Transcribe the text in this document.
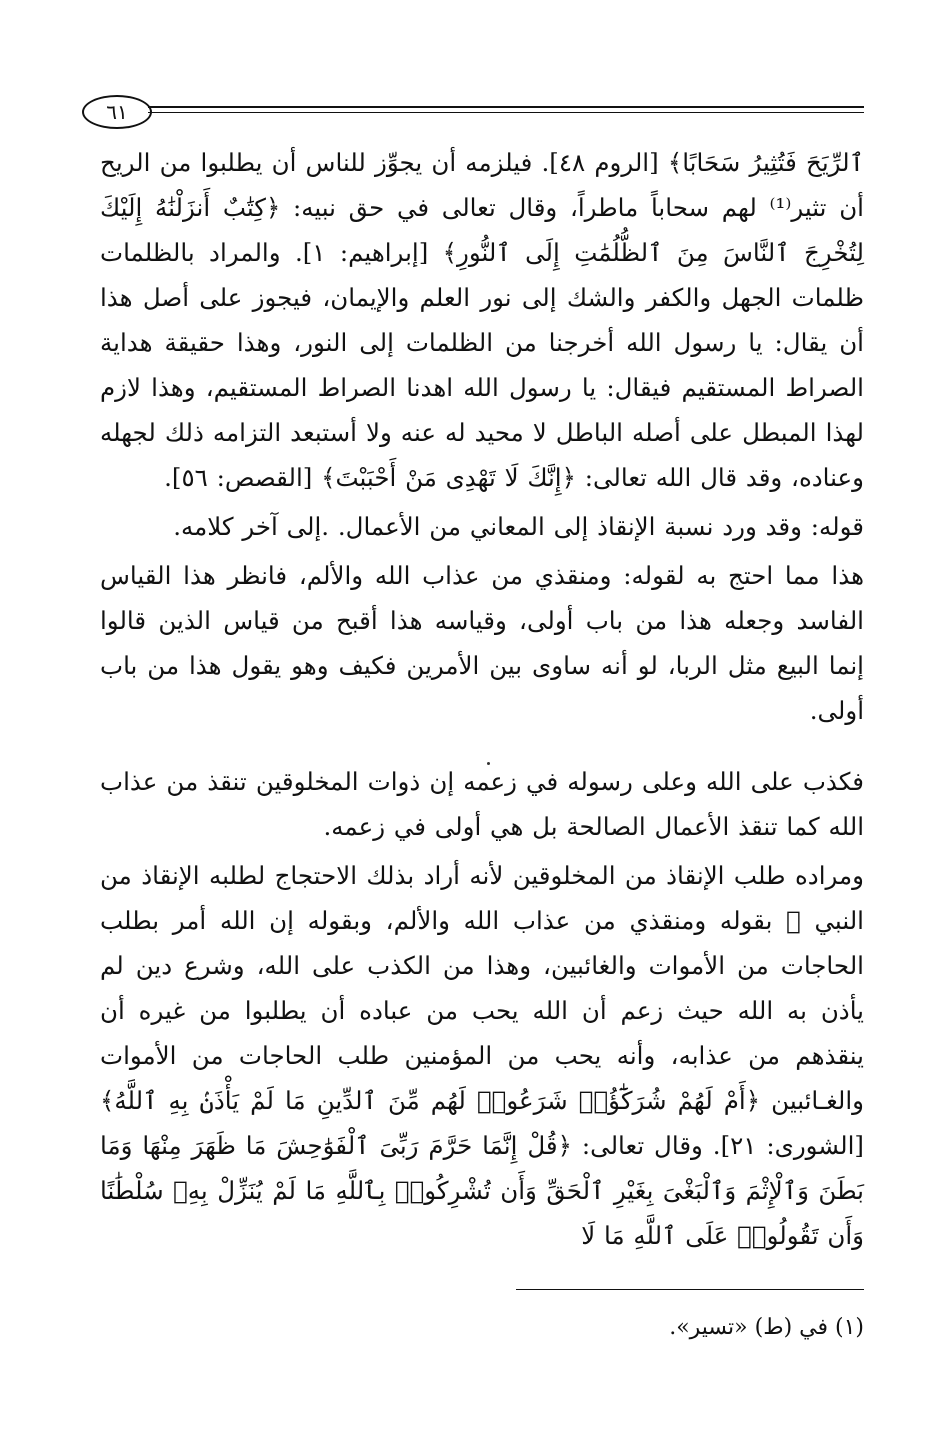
٦١

ٱلرِّيَحَ فَتُثِيرُ سَحَابًا﴾ [الروم ٤٨]. فيلزمه أن يجوِّز للناس أن يطلبوا من الريح أن تثير⁽¹⁾ لهم سحاباً ماطراً، وقال تعالى في حق نبيه: ﴿كِتَٰبٌ أَنزَلْنَٰهُ إِلَيْكَ لِتُخْرِجَ ٱلنَّاسَ مِنَ ٱلظُّلُمَٰتِ إِلَى ٱلنُّورِ﴾ [إبراهيم: ١]. والمراد بالظلمات ظلمات الجهل والكفر والشك إلى نور العلم والإيمان، فيجوز على أصل هذا أن يقال: يا رسول الله أخرجنا من الظلمات إلى النور، وهذا حقيقة هداية الصراط المستقيم فيقال: يا رسول الله اهدنا الصراط المستقيم، وهذا لازم لهذا المبطل على أصله الباطل لا محيد له عنه ولا أستبعد التزامه ذلك لجهله وعناده، وقد قال الله تعالى: ﴿إِنَّكَ لَا تَهْدِى مَنْ أَحْبَبْتَ﴾ [القصص: ٥٦].

قوله: وقد ورد نسبة الإنقاذ إلى المعاني من الأعمال. .إلى آخر كلامه.

هذا مما احتج به لقوله: ومنقذي من عذاب الله والألم، فانظر هذا القياس الفاسد وجعله هذا من باب أولى، وقياسه هذا أقبح من قياس الذين قالوا إنما البيع مثل الربا، لو أنه ساوى بين الأمرين فكيف وهو يقول هذا من باب أولى.

فكذب على الله وعلى رسوله في زعمه إن ذوات المخلوقين تنقذ من عذاب الله كما تنقذ الأعمال الصالحة بل هي أولى في زعمه.

ومراده طلب الإنقاذ من المخلوقين لأنه أراد بذلك الاحتجاج لطلبه الإنقاذ من النبي ﷺ بقوله ومنقذي من عذاب الله والألم، وبقوله إن الله أمر بطلب الحاجات من الأموات والغائبين، وهذا من الكذب على الله، وشرع دين لم يأذن به الله حيث زعم أن الله يحب من عباده أن يطلبوا من غيره أن ينقذهم من عذابه، وأنه يحب من المؤمنين طلب الحاجات من الأموات والغـائبين ﴿أَمْ لَهُمْ شُرَكَٰٓؤُا۟ شَرَعُوا۟ لَهُم مِّنَ ٱلدِّينِ مَا لَمْ يَأْذَنۢ بِهِ ٱللَّهُ﴾[الشورى: ٢١]. وقال تعالى: ﴿قُلْ إِنَّمَا حَرَّمَ رَبِّىَ ٱلْفَوَٰحِشَ مَا ظَهَرَ مِنْهَا وَمَا بَطَنَ وَٱلْإِثْمَ وَٱلْبَغْىَ بِغَيْرِ ٱلْحَقِّ وَأَن تُشْرِكُوا۟ بِٱللَّهِ مَا لَمْ يُنَزِّلْ بِهِۦ سُلْطَٰنًا وَأَن تَقُولُوا۟ عَلَى ٱللَّهِ مَا لَا

(١) في (ط) «تسير».
